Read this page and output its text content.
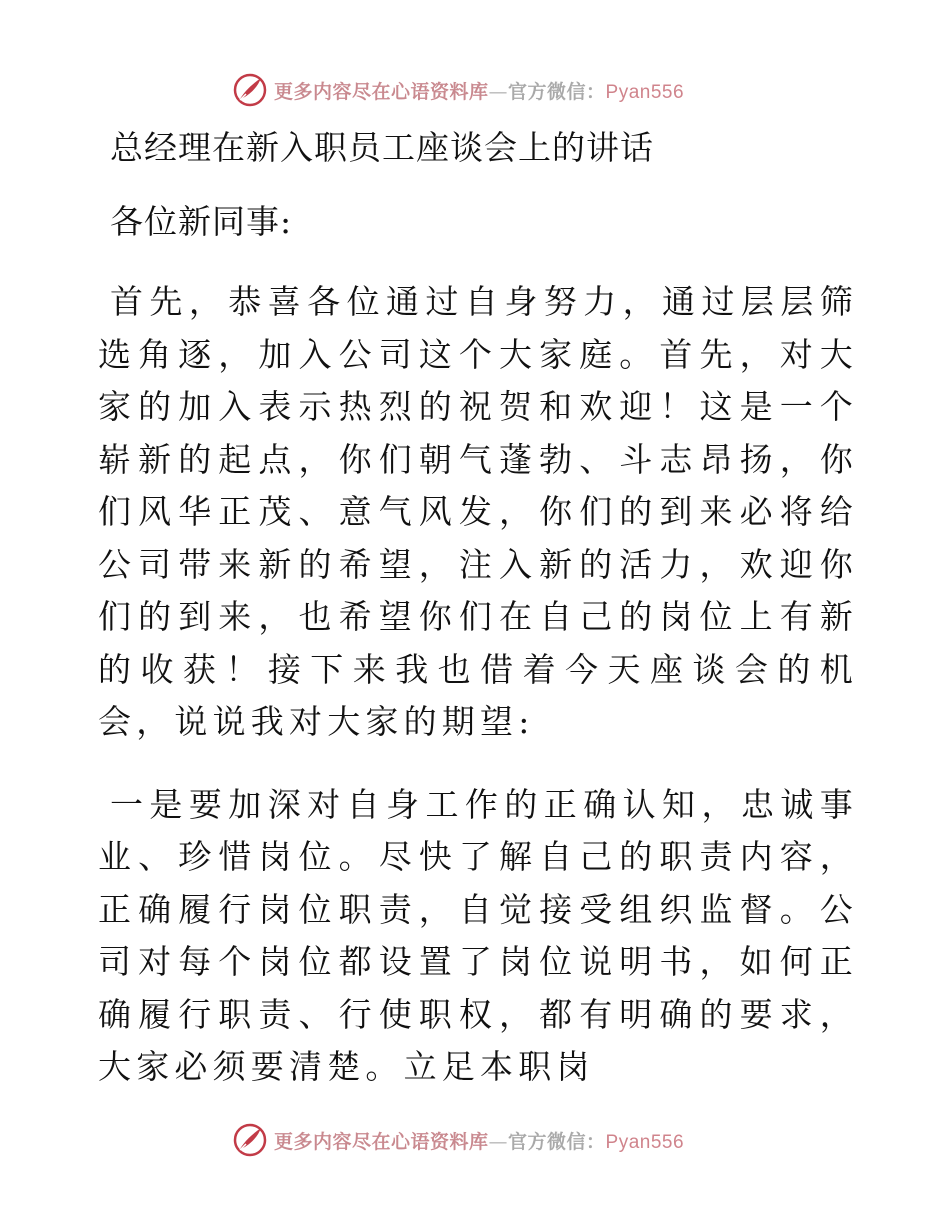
更多内容尽在心语资料库—官方微信：Pyan556
总经理在新入职员工座谈会上的讲话

各位新同事:

首先，恭喜各位通过自身努力，通过层层筛选角逐，加入公司这个大家庭。首先，对大家的加入表示热烈的祝贺和欢迎！这是一个崭新的起点，你们朝气蓬勃、斗志昂扬，你们风华正茂、意气风发，你们的到来必将给公司带来新的希望，注入新的活力，欢迎你们的到来，也希望你们在自己的岗位上有新的收获！接下来我也借着今天座谈会的机会，说说我对大家的期望:

一是要加深对自身工作的正确认知，忠诚事业、珍惜岗位。尽快了解自己的职责内容，正确履行岗位职责，自觉接受组织监督。公司对每个岗位都设置了岗位说明书，如何正确履行职责、行使职权，都有明确的要求，大家必须要清楚。立足本职岗

更多内容尽在心语资料库—官方微信：Pyan556
